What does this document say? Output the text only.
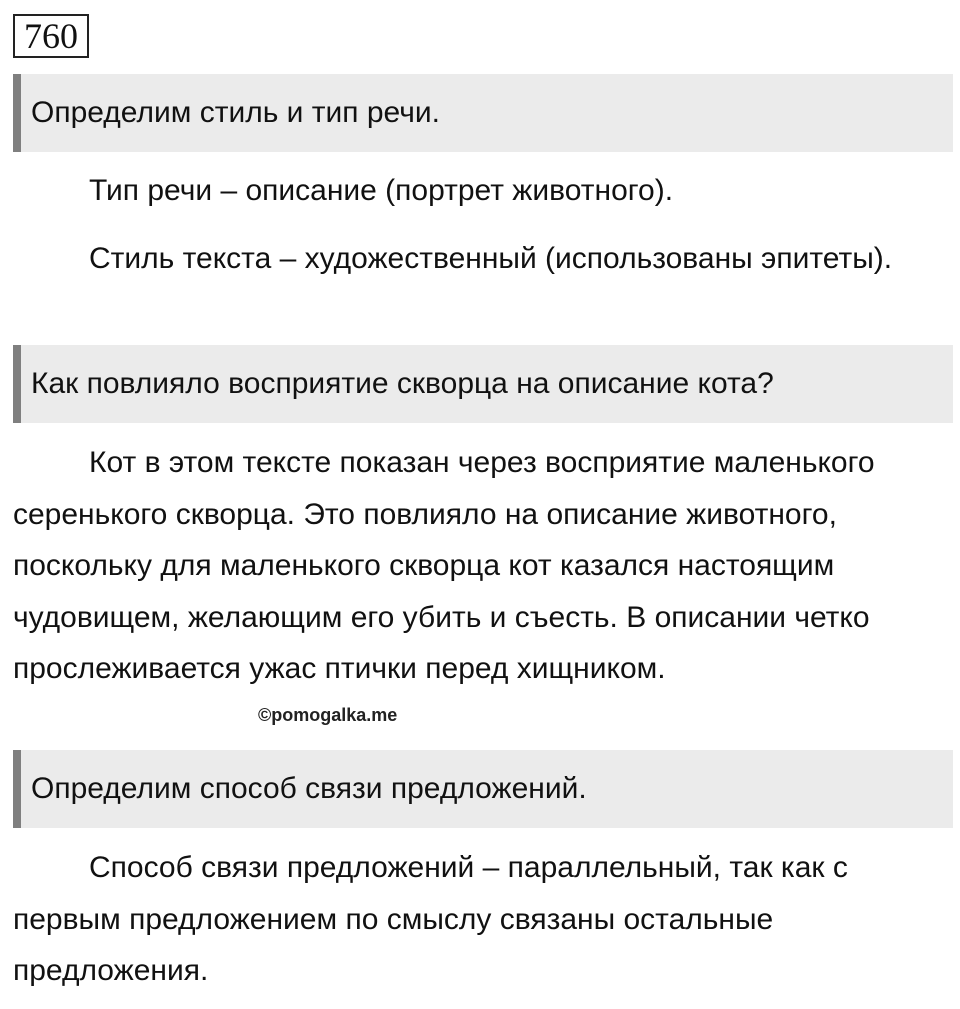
760
Определим стиль и тип речи.

Тип речи – описание (портрет животного).

Стиль текста – художественный (использованы эпитеты).

Как повлияло восприятие скворца на описание кота?

Кот в этом тексте показан через восприятие маленького серенького скворца. Это повлияло на описание животного, поскольку для маленького скворца кот казался настоящим чудовищем, желающим его убить и съесть. В описании четко прослеживается ужас птички перед хищником.

©pomogalka.me
Определим способ связи предложений.

Способ связи предложений – параллельный, так как с первым предложением по смыслу связаны остальные предложения.
